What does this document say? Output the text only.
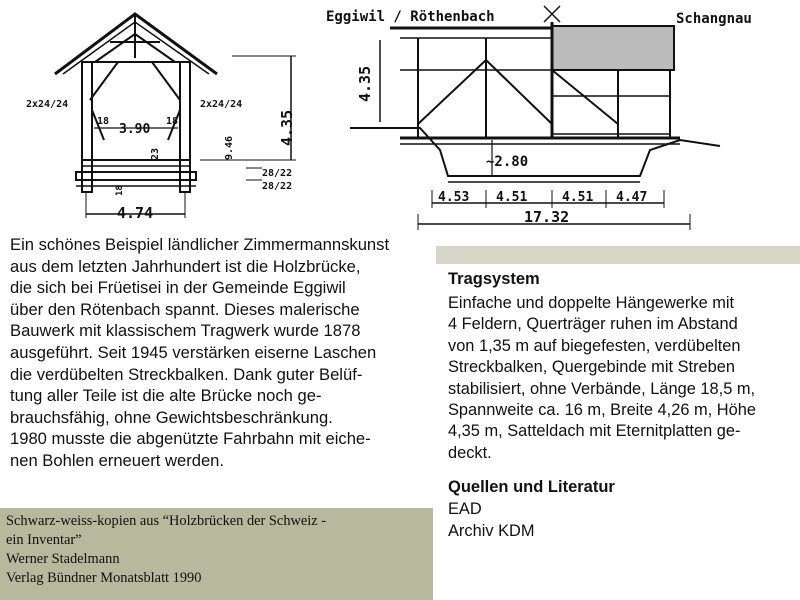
2x24/24	2x24/24
18	18
3.90
23	9.46
18
28/22
28/22
4.35
4.74
Eggiwil / Röthenbach	Schangnau
4.35
~2.80
4.53 4.51	4.51 4.47
17.32
Ein schönes Beispiel ländlicher Zimmermannskunst
aus dem letzten Jahrhundert ist die Holzbrücke,
die sich bei Früetisei in der Gemeinde Eggiwil
über den Rötenbach spannt. Dieses malerische
Bauwerk mit klassischem Tragwerk wurde 1878
ausgeführt. Seit 1945 verstärken eiserne Laschen
die verdübelten Streckbalken. Dank guter Belüf-
tung aller Teile ist die alte Brücke noch ge-
brauchsfähig, ohne Gewichtsbeschränkung.
1980 musste die abgenützte Fahrbahn mit eiche-
nen Bohlen erneuert werden.
Tragsystem
Einfache und doppelte Hängewerke mit
4 Feldern, Querträger ruhen im Abstand
von 1,35 m auf biegefesten, verdübelten
Streckbalken, Quergebinde mit Streben
stabilisiert, ohne Verbände, Länge 18,5 m,
Spannweite ca. 16 m, Breite 4,26 m, Höhe
4,35 m, Satteldach mit Eternitplatten ge-
deckt.
Quellen und Literatur
EAD
Archiv KDM
Schwarz-weiss-kopien aus “Holzbrücken der Schweiz -
ein Inventar”
Werner Stadelmann
Verlag Bündner Monatsblatt 1990
